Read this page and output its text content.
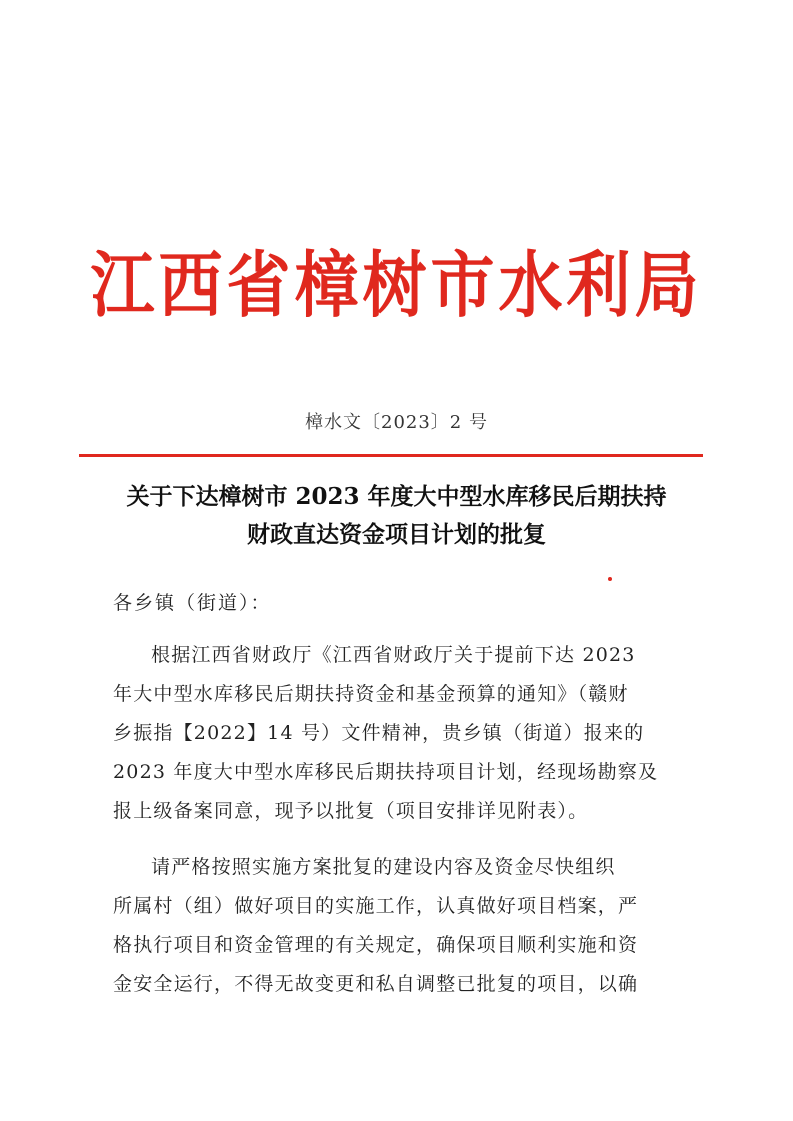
江西省樟树市水利局
樟水文〔2023〕2 号
关于下达樟树市 2023 年度大中型水库移民后期扶持
财政直达资金项目计划的批复
各乡镇（街道）：
根据江西省财政厅《江西省财政厅关于提前下达 2023
年大中型水库移民后期扶持资金和基金预算的通知》（赣财
乡振指【2022】14 号）文件精神，贵乡镇（街道）报来的
2023 年度大中型水库移民后期扶持项目计划，经现场勘察及
报上级备案同意，现予以批复（项目安排详见附表）。
请严格按照实施方案批复的建设内容及资金尽快组织
所属村（组）做好项目的实施工作，认真做好项目档案，严
格执行项目和资金管理的有关规定，确保项目顺利实施和资
金安全运行，不得无故变更和私自调整已批复的项目，以确
